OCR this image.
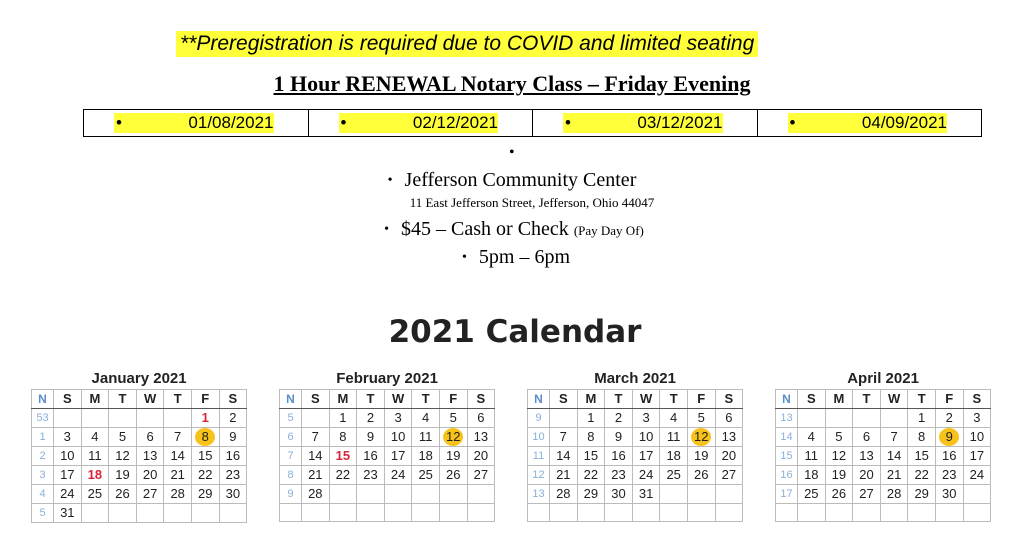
**Preregistration is required due to COVID and limited seating
1 Hour RENEWAL Notary Class – Friday Evening
•	01/08/2021	•	02/12/2021	•	03/12/2021	•	04/09/2021
•
• Jefferson Community Center
11 East Jefferson Street, Jefferson, Ohio 44047
• $45 – Cash or Check (Pay Day Of)
• 5pm – 6pm
2021 Calendar
January 2021
N	S	M	T	W	T	F	S
53						1	2
1	3	4	5	6	7	8	9
2	10	11	12	13	14	15	16
3	17	18	19	20	21	22	23
4	24	25	26	27	28	29	30
5	31						
February 2021
N	S	M	T	W	T	F	S
5		1	2	3	4	5	6
6	7	8	9	10	11	12	13
7	14	15	16	17	18	19	20
8	21	22	23	24	25	26	27
9	28						

March 2021
N	S	M	T	W	T	F	S
9		1	2	3	4	5	6
10	7	8	9	10	11	12	13
11	14	15	16	17	18	19	20
12	21	22	23	24	25	26	27
13	28	29	30	31			

April 2021
N	S	M	T	W	T	F	S
13					1	2	3
14	4	5	6	7	8	9	10
15	11	12	13	14	15	16	17
16	18	19	20	21	22	23	24
17	25	26	27	28	29	30	
